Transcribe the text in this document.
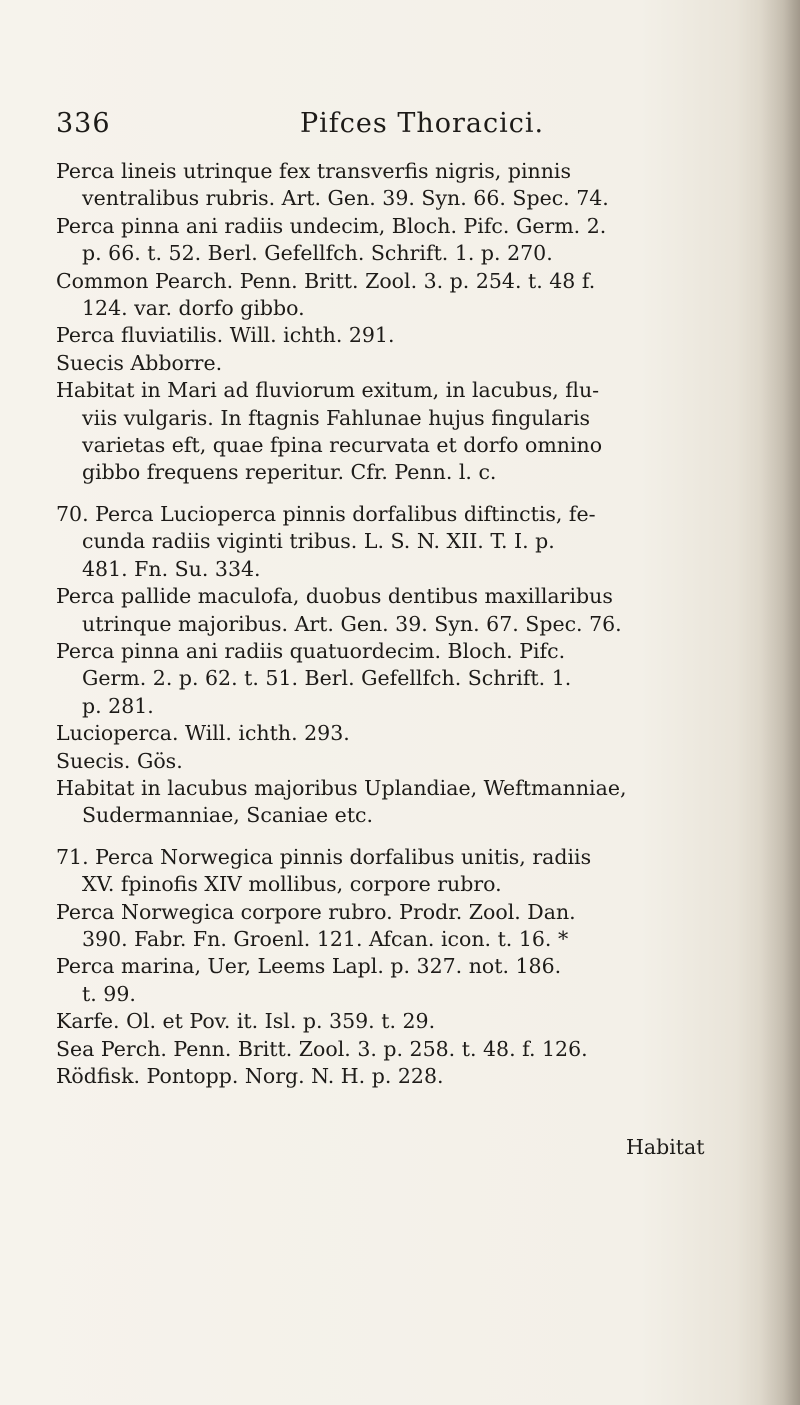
336	Pifces Thoracici.
Perca lineis utrinque fex transverfis nigris, pinnis
ventralibus rubris. Art. Gen. 39. Syn. 66. Spec. 74.
Perca pinna ani radiis undecim, Bloch. Pifc. Germ. 2.
p. 66. t. 52. Berl. Gefellfch. Schrift. 1. p. 270.
Common Pearch. Penn. Britt. Zool. 3. p. 254. t. 48 f.
124. var. dorfo gibbo.
Perca fluviatilis. Will. ichth. 291.
Suecis Abborre.
Habitat in Mari ad fluviorum exitum, in lacubus, flu-
viis vulgaris. In ftagnis Fahlunae hujus fingularis
varietas eft, quae fpina recurvata et dorfo omnino
gibbo frequens reperitur. Cfr. Penn. l. c.
70. Perca Lucioperca pinnis dorfalibus diftinctis, fe-
cunda radiis viginti tribus. L. S. N. XII. T. I. p.
481. Fn. Su. 334.
Perca pallide maculofa, duobus dentibus maxillaribus
utrinque majoribus. Art. Gen. 39. Syn. 67. Spec. 76.
Perca pinna ani radiis quatuordecim. Bloch. Pifc.
Germ. 2. p. 62. t. 51. Berl. Gefellfch. Schrift. 1.
p. 281.
Lucioperca. Will. ichth. 293.
Suecis. Gös.
Habitat in lacubus majoribus Uplandiae, Weftmanniae,
Sudermanniae, Scaniae etc.
71. Perca Norwegica pinnis dorfalibus unitis, radiis
XV. fpinofis XIV mollibus, corpore rubro.
Perca Norwegica corpore rubro. Prodr. Zool. Dan.
390. Fabr. Fn. Groenl. 121. Afcan. icon. t. 16. *
Perca marina, Uer, Leems Lapl. p. 327. not. 186.
t. 99.
Karfe. Ol. et Pov. it. Isl. p. 359. t. 29.
Sea Perch. Penn. Britt. Zool. 3. p. 258. t. 48. f. 126.
Rödfisk. Pontopp. Norg. N. H. p. 228.
Habitat
